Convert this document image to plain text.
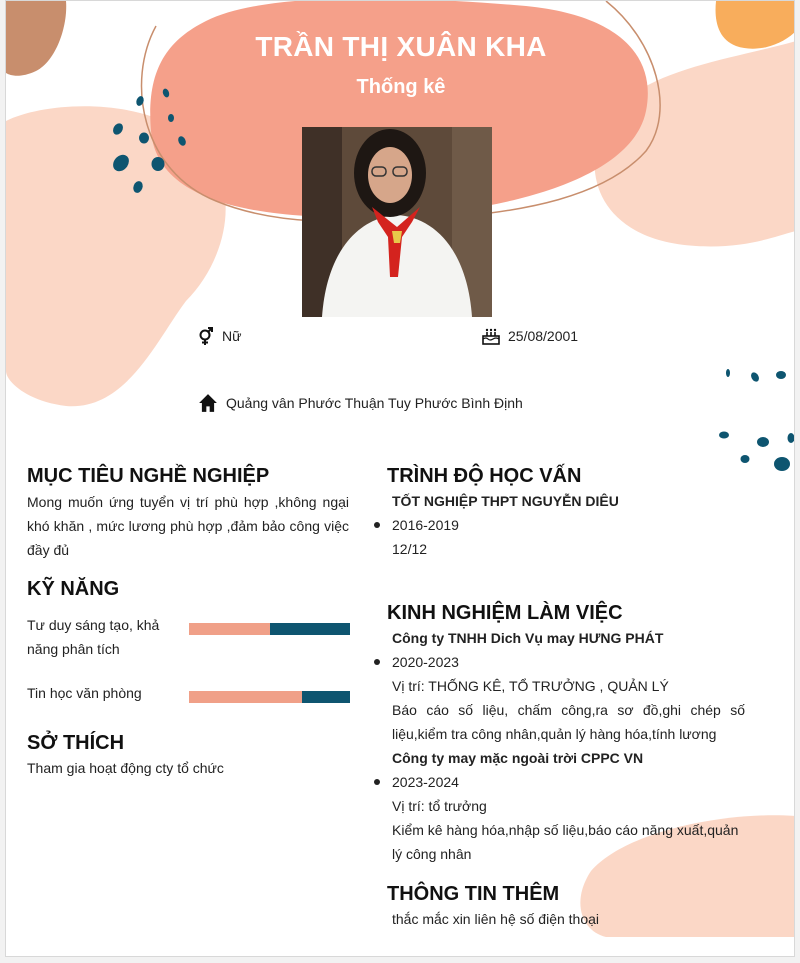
TRẦN THỊ XUÂN KHA
Thống kê
Nữ	25/08/2001
Quảng vân Phước Thuận Tuy Phước Bình Định
MỤC TIÊU NGHỀ NGHIỆP
Mong muốn ứng tuyển vị trí phù hợp ,không ngại khó khăn , mức lương phù hợp ,đảm bảo công việc đầy đủ
KỸ NĂNG
Tư duy sáng tạo, khả năng phân tích
Tin học văn phòng
SỞ THÍCH
Tham gia hoạt động cty tổ chức
TRÌNH ĐỘ HỌC VẤN
TỐT NGHIỆP THPT NGUYỄN DIÊU
2016-2019
12/12
KINH NGHIỆM LÀM VIỆC
Công ty TNHH Dich Vụ may HƯNG PHÁT
2020-2023
Vị trí: THỐNG KÊ, TỔ TRƯỞNG , QUẢN LÝ
Báo cáo số liệu, chấm công,ra sơ đồ,ghi chép số liệu,kiểm tra công nhân,quản lý hàng hóa,tính lương
Công ty may mặc ngoài trời CPPC VN
2023-2024
Vị trí: tổ trưởng
Kiểm kê hàng hóa,nhập số liệu,báo cáo năng xuất,quản lý công nhân
THÔNG TIN THÊM
thắc mắc xin liên hệ số điện thoại
